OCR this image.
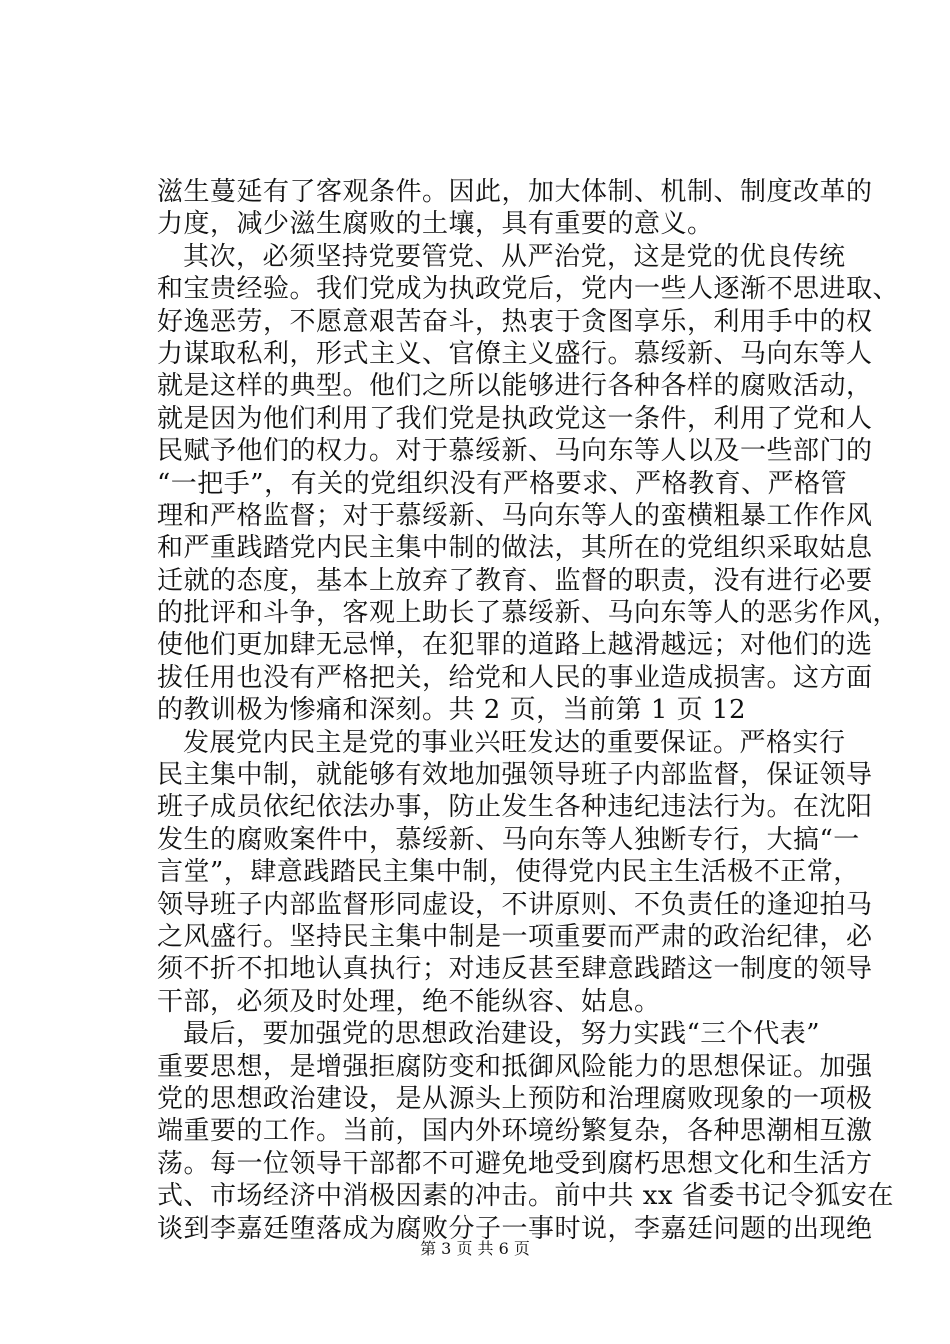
滋生蔓延有了客观条件。因此，加大体制、机制、制度改革的
力度，减少滋生腐败的土壤，具有重要的意义。
其次，必须坚持党要管党、从严治党，这是党的优良传统
和宝贵经验。我们党成为执政党后，党内一些人逐渐不思进取、
好逸恶劳，不愿意艰苦奋斗，热衷于贪图享乐，利用手中的权
力谋取私利，形式主义、官僚主义盛行。慕绥新、马向东等人
就是这样的典型。他们之所以能够进行各种各样的腐败活动，
就是因为他们利用了我们党是执政党这一条件，利用了党和人
民赋予他们的权力。对于慕绥新、马向东等人以及一些部门的
“一把手”，有关的党组织没有严格要求、严格教育、严格管
理和严格监督；对于慕绥新、马向东等人的蛮横粗暴工作作风
和严重践踏党内民主集中制的做法，其所在的党组织采取姑息
迁就的态度，基本上放弃了教育、监督的职责，没有进行必要
的批评和斗争，客观上助长了慕绥新、马向东等人的恶劣作风，
使他们更加肆无忌惮，在犯罪的道路上越滑越远；对他们的选
拔任用也没有严格把关，给党和人民的事业造成损害。这方面
的教训极为惨痛和深刻。共 2 页，当前第 1 页 12
发展党内民主是党的事业兴旺发达的重要保证。严格实行
民主集中制，就能够有效地加强领导班子内部监督，保证领导
班子成员依纪依法办事，防止发生各种违纪违法行为。在沈阳
发生的腐败案件中，慕绥新、马向东等人独断专行，大搞“一
言堂”，肆意践踏民主集中制，使得党内民主生活极不正常，
领导班子内部监督形同虚设，不讲原则、不负责任的逢迎拍马
之风盛行。坚持民主集中制是一项重要而严肃的政治纪律，必
须不折不扣地认真执行；对违反甚至肆意践踏这一制度的领导
干部，必须及时处理，绝不能纵容、姑息。
最后，要加强党的思想政治建设，努力实践“三个代表”
重要思想，是增强拒腐防变和抵御风险能力的思想保证。加强
党的思想政治建设，是从源头上预防和治理腐败现象的一项极
端重要的工作。当前，国内外环境纷繁复杂，各种思潮相互激
荡。每一位领导干部都不可避免地受到腐朽思想文化和生活方
式、市场经济中消极因素的冲击。前中共 xx 省委书记令狐安在
谈到李嘉廷堕落成为腐败分子一事时说，李嘉廷问题的出现绝
第 3 页 共 6 页
